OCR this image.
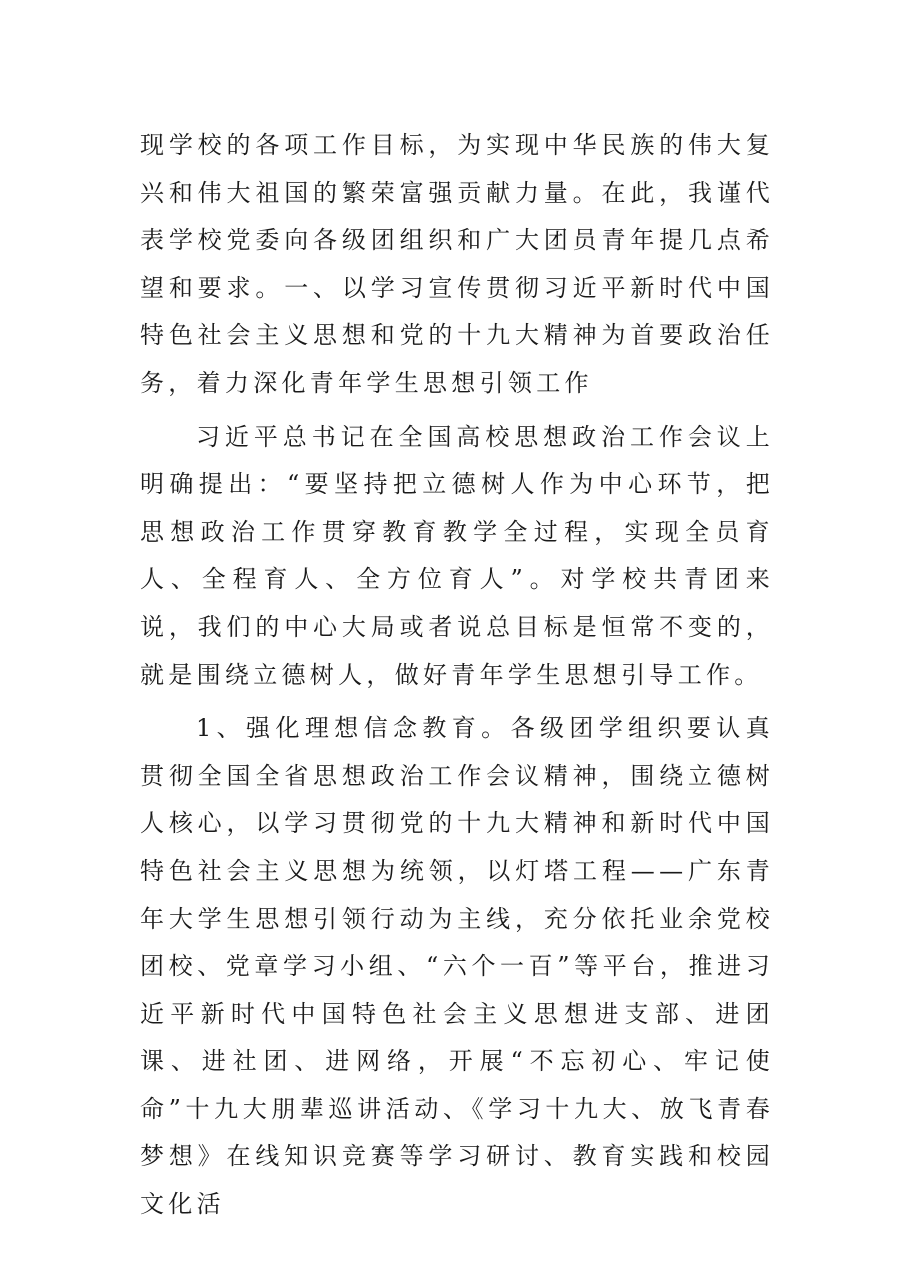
现学校的各项工作目标，为实现中华民族的伟大复兴和伟大祖国的繁荣富强贡献力量。在此，我谨代表学校党委向各级团组织和广大团员青年提几点希望和要求。一、以学习宣传贯彻习近平新时代中国特色社会主义思想和党的十九大精神为首要政治任务，着力深化青年学生思想引领工作

习近平总书记在全国高校思想政治工作会议上明确提出：“要坚持把立德树人作为中心环节，把思想政治工作贯穿教育教学全过程，实现全员育人、全程育人、全方位育人”。对学校共青团来说，我们的中心大局或者说总目标是恒常不变的，就是围绕立德树人，做好青年学生思想引导工作。

1、强化理想信念教育。各级团学组织要认真贯彻全国全省思想政治工作会议精神，围绕立德树人核心，以学习贯彻党的十九大精神和新时代中国特色社会主义思想为统领，以灯塔工程——广东青年大学生思想引领行动为主线，充分依托业余党校团校、党章学习小组、“六个一百”等平台，推进习近平新时代中国特色社会主义思想进支部、进团课、进社团、进网络，开展“不忘初心、牢记使命”十九大朋辈巡讲活动、《学习十九大、放飞青春梦想》在线知识竞赛等学习研讨、教育实践和校园文化活
